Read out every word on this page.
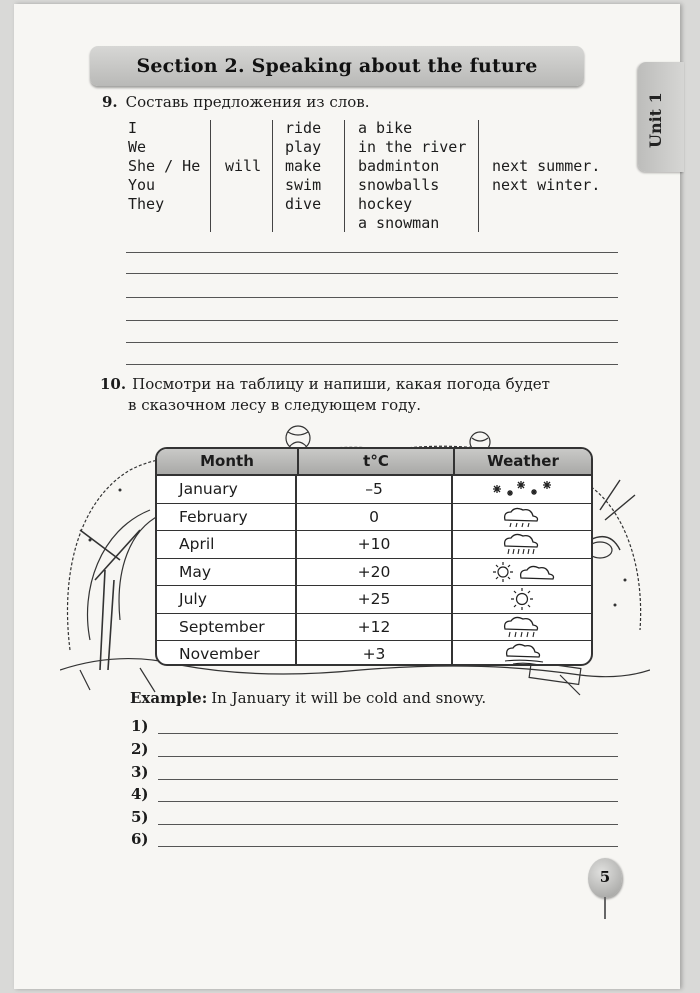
Section 2. Speaking about the future
Unit 1
9. Составь предложения из слов.
I
We
She / He
You
They
will
ride
play
make
swim
dive
a bike
in the river
badminton
snowballs
hockey
a snowman
next summer.
next winter.
10. Посмотри на таблицу и напиши, какая погода будет
в сказочном лесу в следующем году.
Month	t°C	Weather
January	–5
February	0
April	+10
May	+20
July	+25
September	+12
November	+3
Example: In January it will be cold and snowy.
1)
2)
3)
4)
5)
6)
5
